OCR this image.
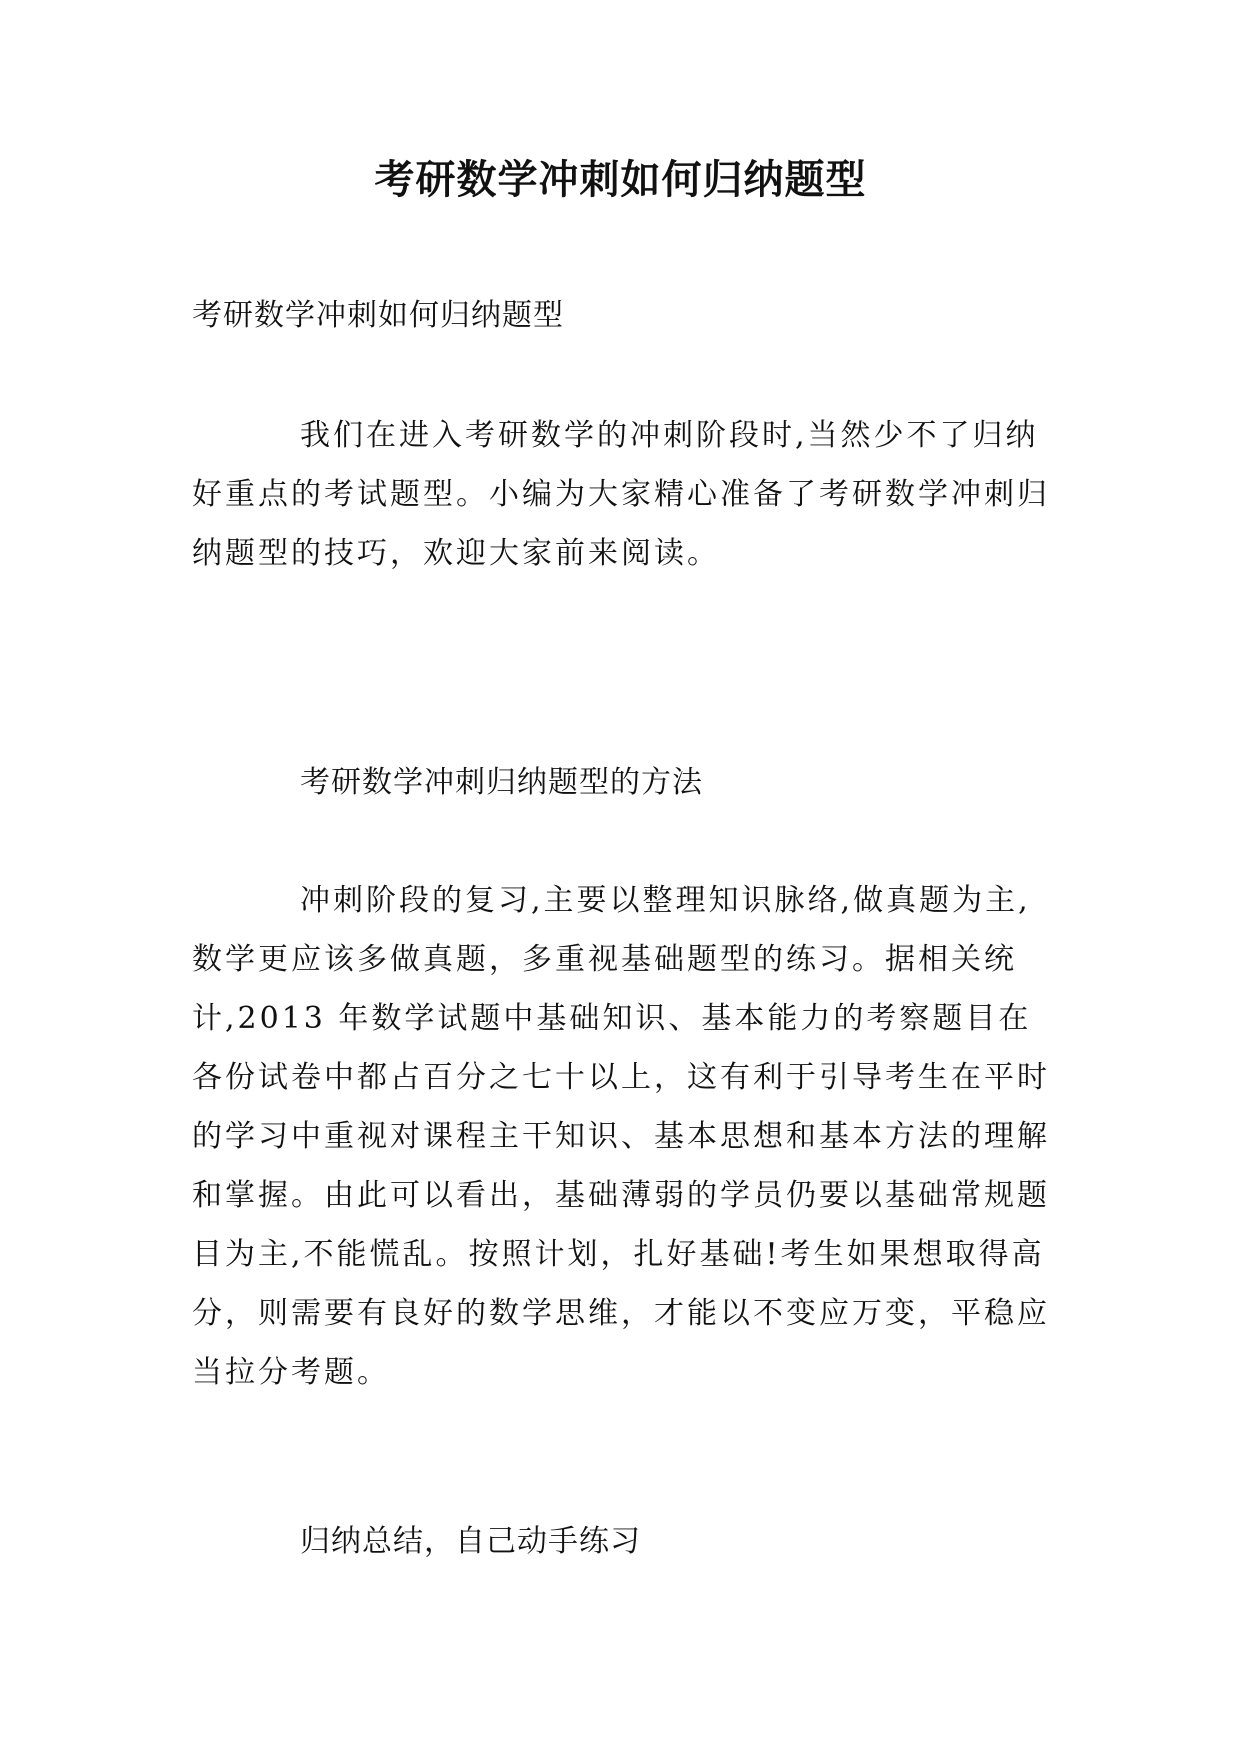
考研数学冲刺如何归纳题型

考研数学冲刺如何归纳题型

我们在进入考研数学的冲刺阶段时,当然少不了归纳好重点的考试题型。小编为大家精心准备了考研数学冲刺归纳题型的技巧，欢迎大家前来阅读。

考研数学冲刺归纳题型的方法

冲刺阶段的复习,主要以整理知识脉络,做真题为主,数学更应该多做真题，多重视基础题型的练习。据相关统计,2013 年数学试题中基础知识、基本能力的考察题目在各份试卷中都占百分之七十以上，这有利于引导考生在平时的学习中重视对课程主干知识、基本思想和基本方法的理解和掌握。由此可以看出，基础薄弱的学员仍要以基础常规题目为主,不能慌乱。按照计划，扎好基础!考生如果想取得高分，则需要有良好的数学思维，才能以不变应万变，平稳应当拉分考题。

归纳总结，自己动手练习
